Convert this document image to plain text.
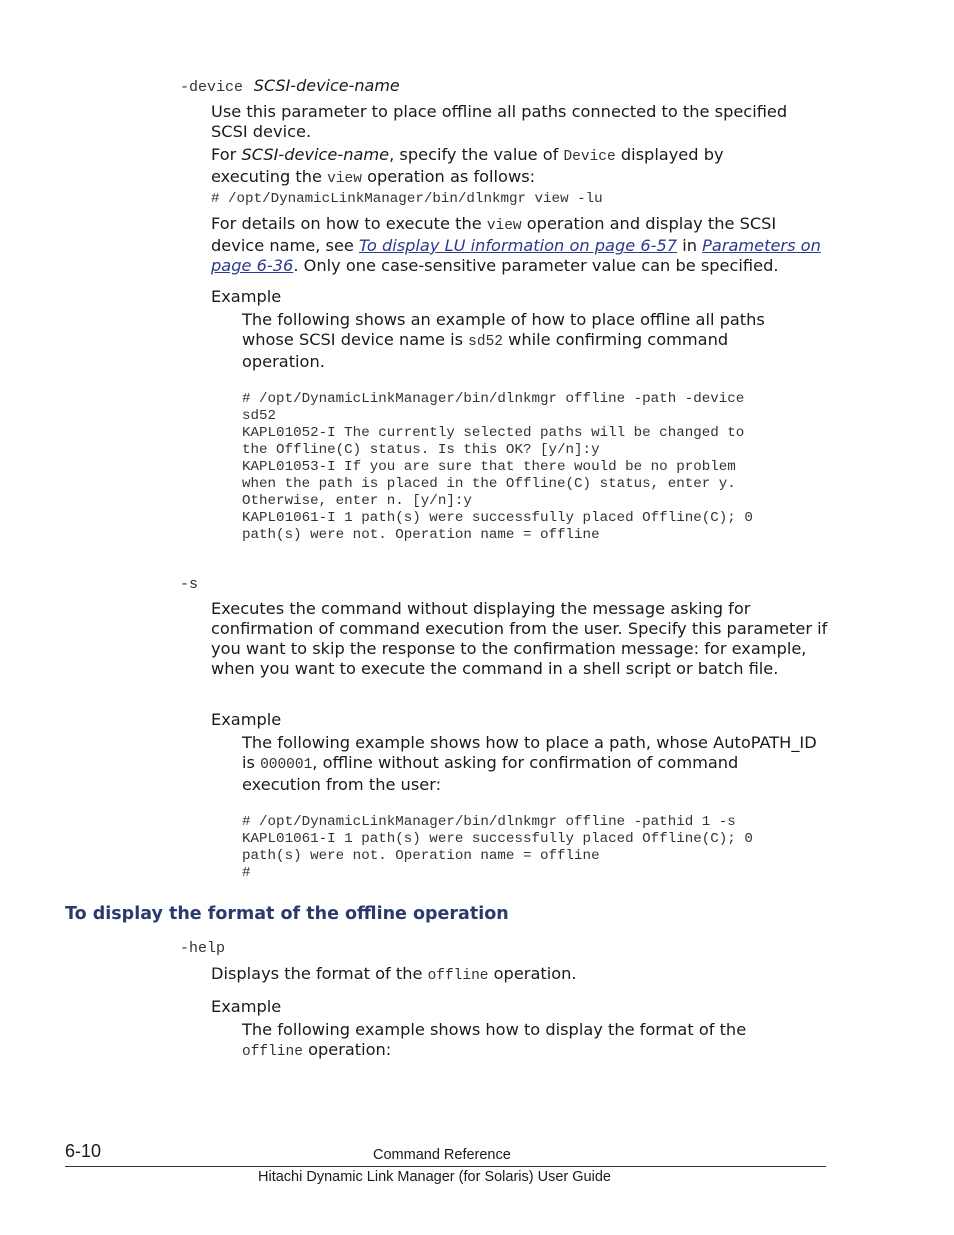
-device SCSI-device-name
Use this parameter to place offline all paths connected to the specified SCSI device.
For SCSI-device-name, specify the value of Device displayed by executing the view operation as follows:
# /opt/DynamicLinkManager/bin/dlnkmgr view -lu
For details on how to execute the view operation and display the SCSI device name, see To display LU information on page 6-57 in Parameters on page 6-36. Only one case-sensitive parameter value can be specified.
Example
The following shows an example of how to place offline all paths whose SCSI device name is sd52 while confirming command operation.
# /opt/DynamicLinkManager/bin/dlnkmgr offline -path -device
sd52
KAPL01052-I The currently selected paths will be changed to
the Offline(C) status. Is this OK? [y/n]:y
KAPL01053-I If you are sure that there would be no problem
when the path is placed in the Offline(C) status, enter y.
Otherwise, enter n. [y/n]:y
KAPL01061-I 1 path(s) were successfully placed Offline(C); 0
path(s) were not. Operation name = offline
-s
Executes the command without displaying the message asking for confirmation of command execution from the user. Specify this parameter if you want to skip the response to the confirmation message: for example, when you want to execute the command in a shell script or batch file.
Example
The following example shows how to place a path, whose AutoPATH_ID is 000001, offline without asking for confirmation of command execution from the user:
# /opt/DynamicLinkManager/bin/dlnkmgr offline -pathid 1 -s
KAPL01061-I 1 path(s) were successfully placed Offline(C); 0
path(s) were not. Operation name = offline
#
To display the format of the offline operation
-help
Displays the format of the offline operation.
Example
The following example shows how to display the format of the offline operation:
6-10	Command Reference
Hitachi Dynamic Link Manager (for Solaris) User Guide
